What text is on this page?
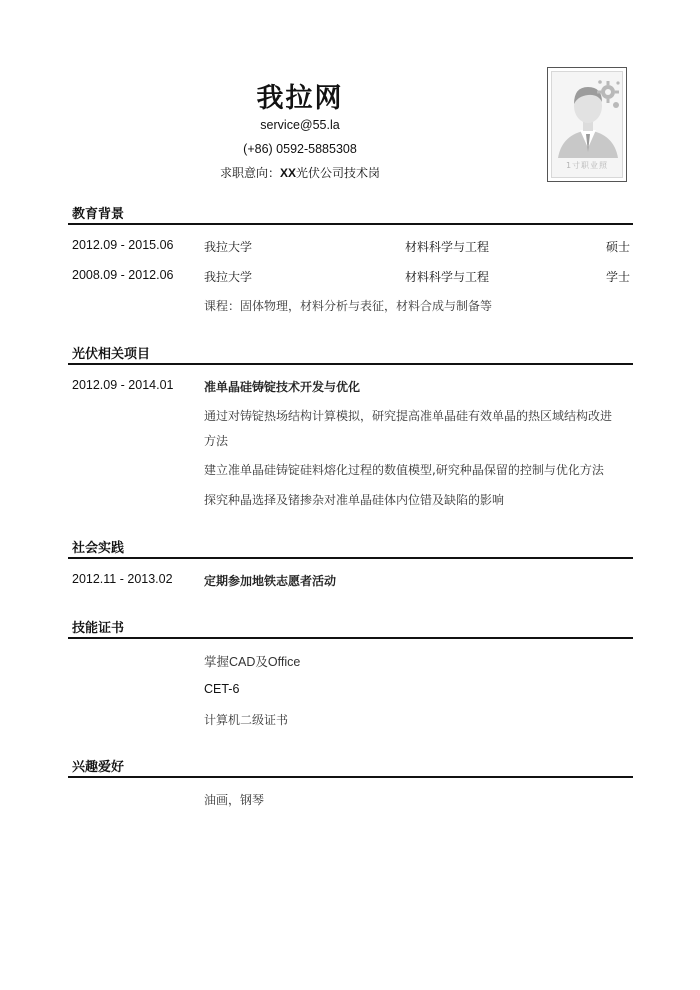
我拉网
service@55.la
(+86) 0592-5885308
求职意向：XX光伏公司技术岗
1寸职业照
教育背景
2012.09 - 2015.06	我拉大学	材料科学与工程	硕士
2008.09 - 2012.06	我拉大学	材料科学与工程	学士
课程：固体物理，材料分析与表征，材料合成与制备等
光伏相关项目
2012.09 - 2014.01	准单晶硅铸锭技术开发与优化
通过对铸锭热场结构计算模拟，研究提高准单晶硅有效单晶的热区域结构改进
方法
建立准单晶硅铸锭硅料熔化过程的数值模型,研究种晶保留的控制与优化方法
探究种晶选择及锗掺杂对准单晶硅体内位错及缺陷的影响
社会实践
2012.11 - 2013.02	定期参加地铁志愿者活动
技能证书
掌握CAD及Office
CET-6
计算机二级证书
兴趣爱好
油画，钢琴
